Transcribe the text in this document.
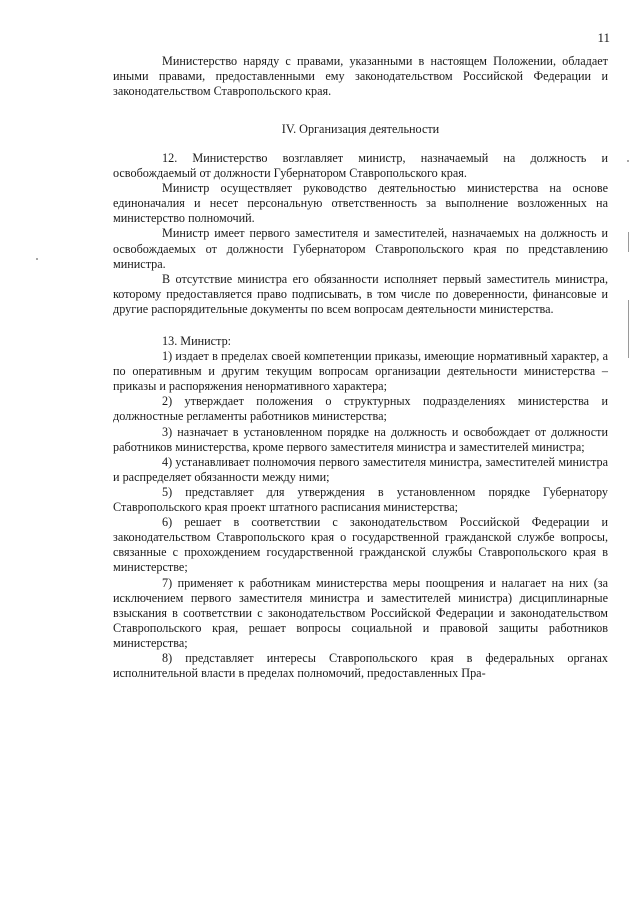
11

Министерство наряду с правами, указанными в настоящем Положении, обладает иными правами, предоставленными ему законодательством Российской Федерации и законодательством Ставропольского края.

IV. Организация деятельности

12. Министерство возглавляет министр, назначаемый на должность и освобождаемый от должности Губернатором Ставропольского края.

Министр осуществляет руководство деятельностью министерства на основе единоначалия и несет персональную ответственность за выполнение возложенных на министерство полномочий.

Министр имеет первого заместителя и заместителей, назначаемых на должность и освобождаемых от должности Губернатором Ставропольского края по представлению министра.

В отсутствие министра его обязанности исполняет первый заместитель министра, которому предоставляется право подписывать, в том числе по доверенности, финансовые и другие распорядительные документы по всем вопросам деятельности министерства.

13. Министр:

1) издает в пределах своей компетенции приказы, имеющие нормативный характер, а по оперативным и другим текущим вопросам организации деятельности министерства – приказы и распоряжения ненормативного характера;

2) утверждает положения о структурных подразделениях министерства и должностные регламенты работников министерства;

3) назначает в установленном порядке на должность и освобождает от должности работников министерства, кроме первого заместителя министра и заместителей министра;

4) устанавливает полномочия первого заместителя министра, заместителей министра и распределяет обязанности между ними;

5) представляет для утверждения в установленном порядке Губернатору Ставропольского края проект штатного расписания министерства;

6) решает в соответствии с законодательством Российской Федерации и законодательством Ставропольского края о государственной гражданской службе вопросы, связанные с прохождением государственной гражданской службы Ставропольского края в министерстве;

7) применяет к работникам министерства меры поощрения и налагает на них (за исключением первого заместителя министра и заместителей министра) дисциплинарные взыскания в соответствии с законодательством Российской Федерации и законодательством Ставропольского края, решает вопросы социальной и правовой защиты работников министерства;

8) представляет интересы Ставропольского края в федеральных органах исполнительной власти в пределах полномочий, предоставленных Пра-
